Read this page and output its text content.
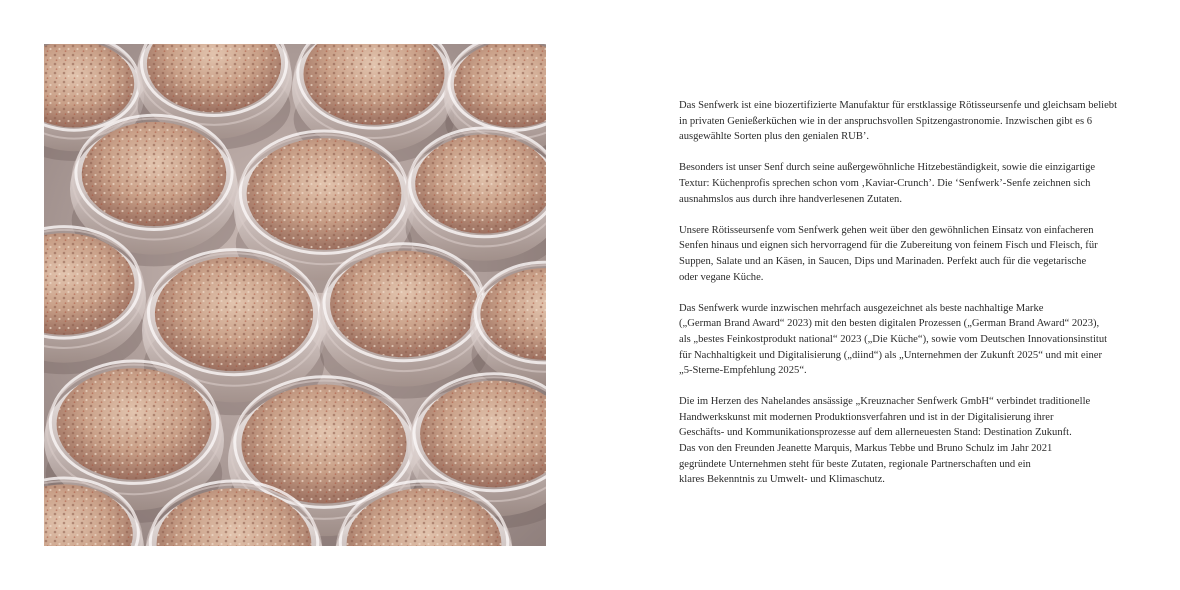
Das Senfwerk ist eine biozertifizierte Manufaktur für erstklassige Rötisseursenfe und gleichsam beliebt
in privaten Genießerküchen wie in der anspruchsvollen Spitzengastronomie. Inzwischen gibt es 6
ausgewählte Sorten plus den genialen RUB’.

Besonders ist unser Senf durch seine außergewöhnliche Hitzebeständigkeit, sowie die einzigartige
Textur: Küchenprofis sprechen schon vom ‚Kaviar-Crunch’. Die ‘Senfwerk’-Senfe zeichnen sich
ausnahmslos aus durch ihre handverlesenen Zutaten.

Unsere Rötisseursenfe vom Senfwerk gehen weit über den gewöhnlichen Einsatz von einfacheren
Senfen hinaus und eignen sich hervorragend für die Zubereitung von feinem Fisch und Fleisch, für
Suppen, Salate und an Käsen, in Saucen, Dips und Marinaden. Perfekt auch für die vegetarische
oder vegane Küche.

Das Senfwerk wurde inzwischen mehrfach ausgezeichnet als beste nachhaltige Marke
(„German Brand Award“ 2023) mit den besten digitalen Prozessen („German Brand Award“ 2023),
als „bestes Feinkostprodukt national“ 2023 („Die Küche“), sowie vom Deutschen Innovationsinstitut
für Nachhaltigkeit und Digitalisierung („diind“) als „Unternehmen der Zukunft 2025“ und mit einer
„5-Sterne-Empfehlung 2025“.

Die im Herzen des Nahelandes ansässige „Kreuznacher Senfwerk GmbH“ verbindet traditionelle
Handwerkskunst mit modernen Produktionsverfahren und ist in der Digitalisierung ihrer
Geschäfts- und Kommunikationsprozesse auf dem allerneuesten Stand: Destination Zukunft.
Das von den Freunden Jeanette Marquis, Markus Tebbe und Bruno Schulz im Jahr 2021
gegründete Unternehmen steht für beste Zutaten, regionale Partnerschaften und ein
klares Bekenntnis zu Umwelt- und Klimaschutz.
